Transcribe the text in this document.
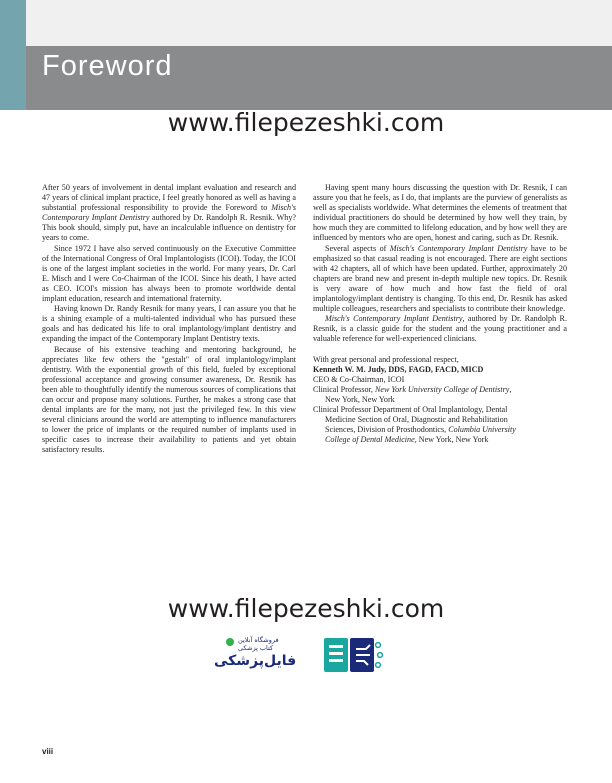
Foreword
www.filepezeshki.com

After 50 years of involvement in dental implant evaluation and research and 47 years of clinical implant practice, I feel greatly honored as well as having a substantial professional responsibility to provide the Foreword to Misch's Contemporary Implant Dentistry authored by Dr. Randolph R. Resnik. Why? This book should, simply put, have an incalculable influence on dentistry for years to come.

Since 1972 I have also served continuously on the Executive Committee of the International Congress of Oral Implantologists (ICOI). Today, the ICOI is one of the largest implant societies in the world. For many years, Dr. Carl E. Misch and I were Co-Chairman of the ICOI. Since his death, I have acted as CEO. ICOI's mission has always been to promote worldwide dental implant education, research and international fraternity.

Having known Dr. Randy Resnik for many years, I can assure you that he is a shining example of a multi-talented individual who has pursued these goals and has dedicated his life to oral implantology/implant dentistry and expanding the impact of the Contemporary Implant Dentistry texts.

Because of his extensive teaching and mentoring background, he appreciates like few others the "gestalt" of oral implantology/implant dentistry. With the exponential growth of this field, fueled by exceptional professional acceptance and growing consumer awareness, Dr. Resnik has been able to thoughtfully identify the numerous sources of complications that can occur and propose many solutions. Further, he makes a strong case that dental implants are for the many, not just the privileged few. In this view several clinicians around the world are attempting to influence manufacturers to lower the price of implants or the required number of implants used in specific cases to increase their availability to patients and yet obtain satisfactory results.

Having spent many hours discussing the question with Dr. Resnik, I can assure you that he feels, as I do, that implants are the purview of generalists as well as specialists worldwide. What determines the elements of treatment that individual practitioners do should be determined by how well they train, by how much they are committed to lifelong education, and by how well they are influenced by mentors who are open, honest and caring, such as Dr. Resnik.

Several aspects of Misch's Contemporary Implant Dentistry have to be emphasized so that casual reading is not encouraged. There are eight sections with 42 chapters, all of which have been updated. Further, approximately 20 chapters are brand new and present in-depth multiple new topics. Dr. Resnik is very aware of how much and how fast the field of oral implantology/implant dentistry is changing. To this end, Dr. Resnik has asked multiple colleagues, researchers and specialists to contribute their knowledge.

Misch's Contemporary Implant Dentistry, authored by Dr. Randolph R. Resnik, is a classic guide for the student and the young practitioner and a valuable reference for well-experienced clinicians.

With great personal and professional respect,
Kenneth W. M. Judy, DDS, FAGD, FACD, MICD
CEO & Co-Chairman, ICOI
Clinical Professor, New York University College of Dentistry,
New York, New York
Clinical Professor Department of Oral Implantology, Dental
Medicine Section of Oral, Diagnostic and Rehabilitation
Sciences, Division of Prosthodontics, Columbia University
College of Dental Medicine, New York, New York

www.filepezeshki.com
فروشگاه آنلاین
کتاب‌ پزشکی
فایل‌پزشکی
viii
